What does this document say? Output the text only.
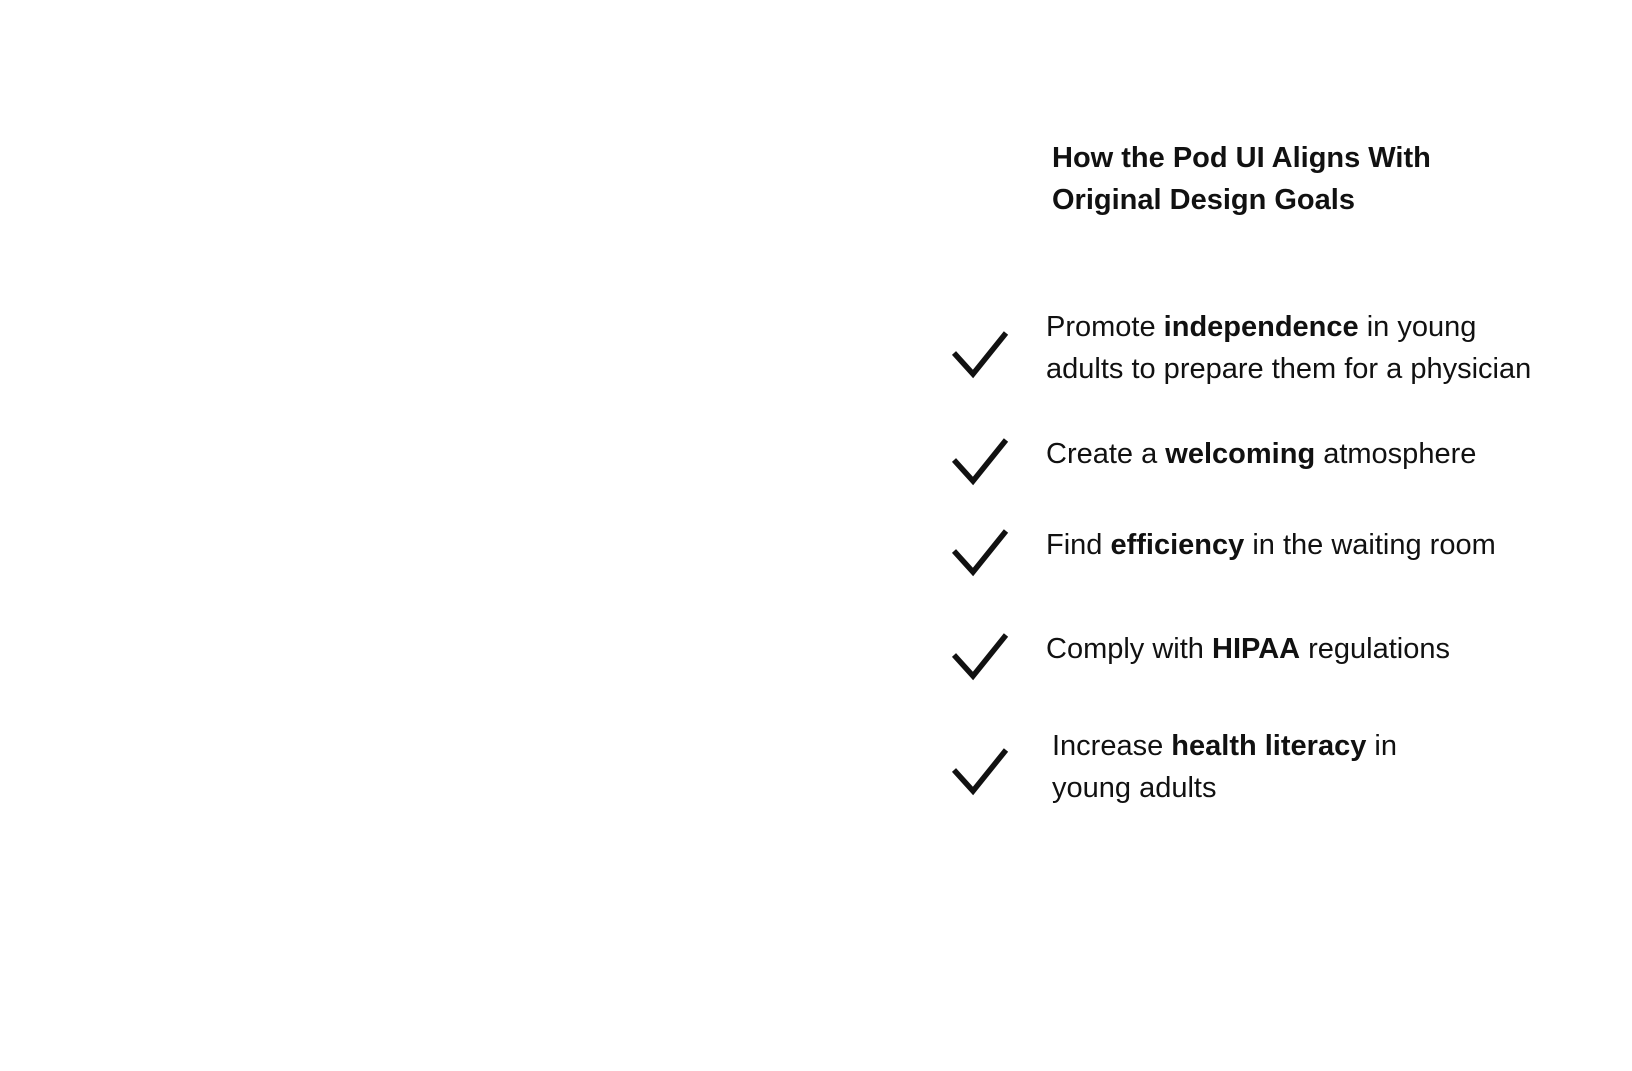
How the Pod UI Aligns With
Original Design Goals

Promote independence in young
adults to prepare them for a physician

Create a welcoming atmosphere

Find efficiency in the waiting room

Comply with HIPAA regulations

Increase health literacy in
young adults
